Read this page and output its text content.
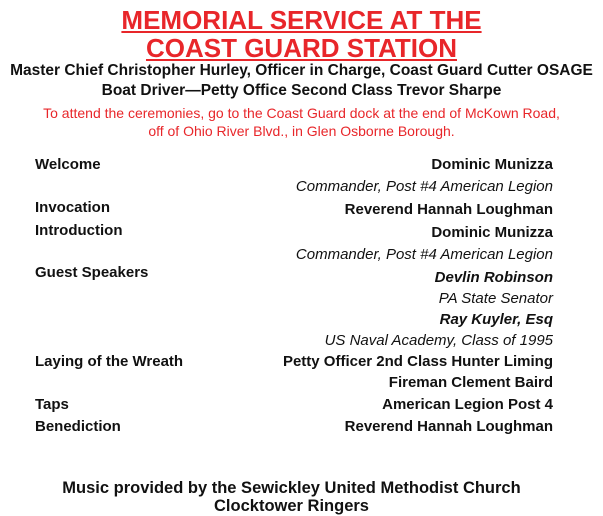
MEMORIAL SERVICE AT THE
COAST GUARD STATION
Master Chief Christopher Hurley, Officer in Charge, Coast Guard Cutter OSAGE
Boat Driver—Petty Office Second Class Trevor Sharpe
To attend the ceremonies, go to the Coast Guard dock at the end of McKown Road,
off of Ohio River Blvd., in Glen Osborne Borough.
Welcome	Dominic Munizza
Commander, Post #4 American Legion
Invocation	Reverend Hannah Loughman
Introduction	Dominic Munizza
Commander, Post #4 American Legion
Guest Speakers	Devlin Robinson
PA State Senator
Ray Kuyler, Esq
US Naval Academy, Class of 1995
Laying of the Wreath	Petty Officer 2nd Class Hunter Liming
Fireman Clement Baird
Taps	American Legion Post 4
Benediction	Reverend Hannah Loughman
Music provided by the Sewickley United Methodist Church
Clocktower Ringers
